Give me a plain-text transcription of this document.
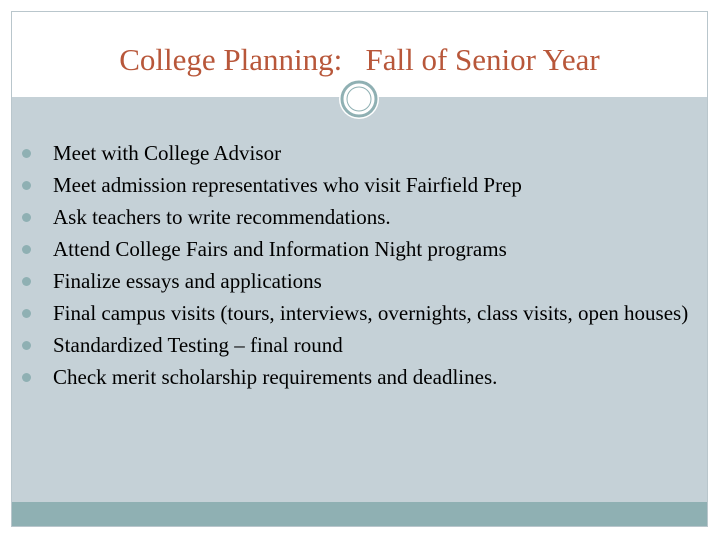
College Planning:   Fall of Senior Year
Meet with College Advisor
Meet admission representatives who visit Fairfield Prep
Ask teachers to write recommendations.
Attend College Fairs and Information Night programs
Finalize essays and applications
Final campus visits (tours, interviews, overnights, class visits, open houses)
Standardized Testing – final round
Check merit scholarship requirements and deadlines.
